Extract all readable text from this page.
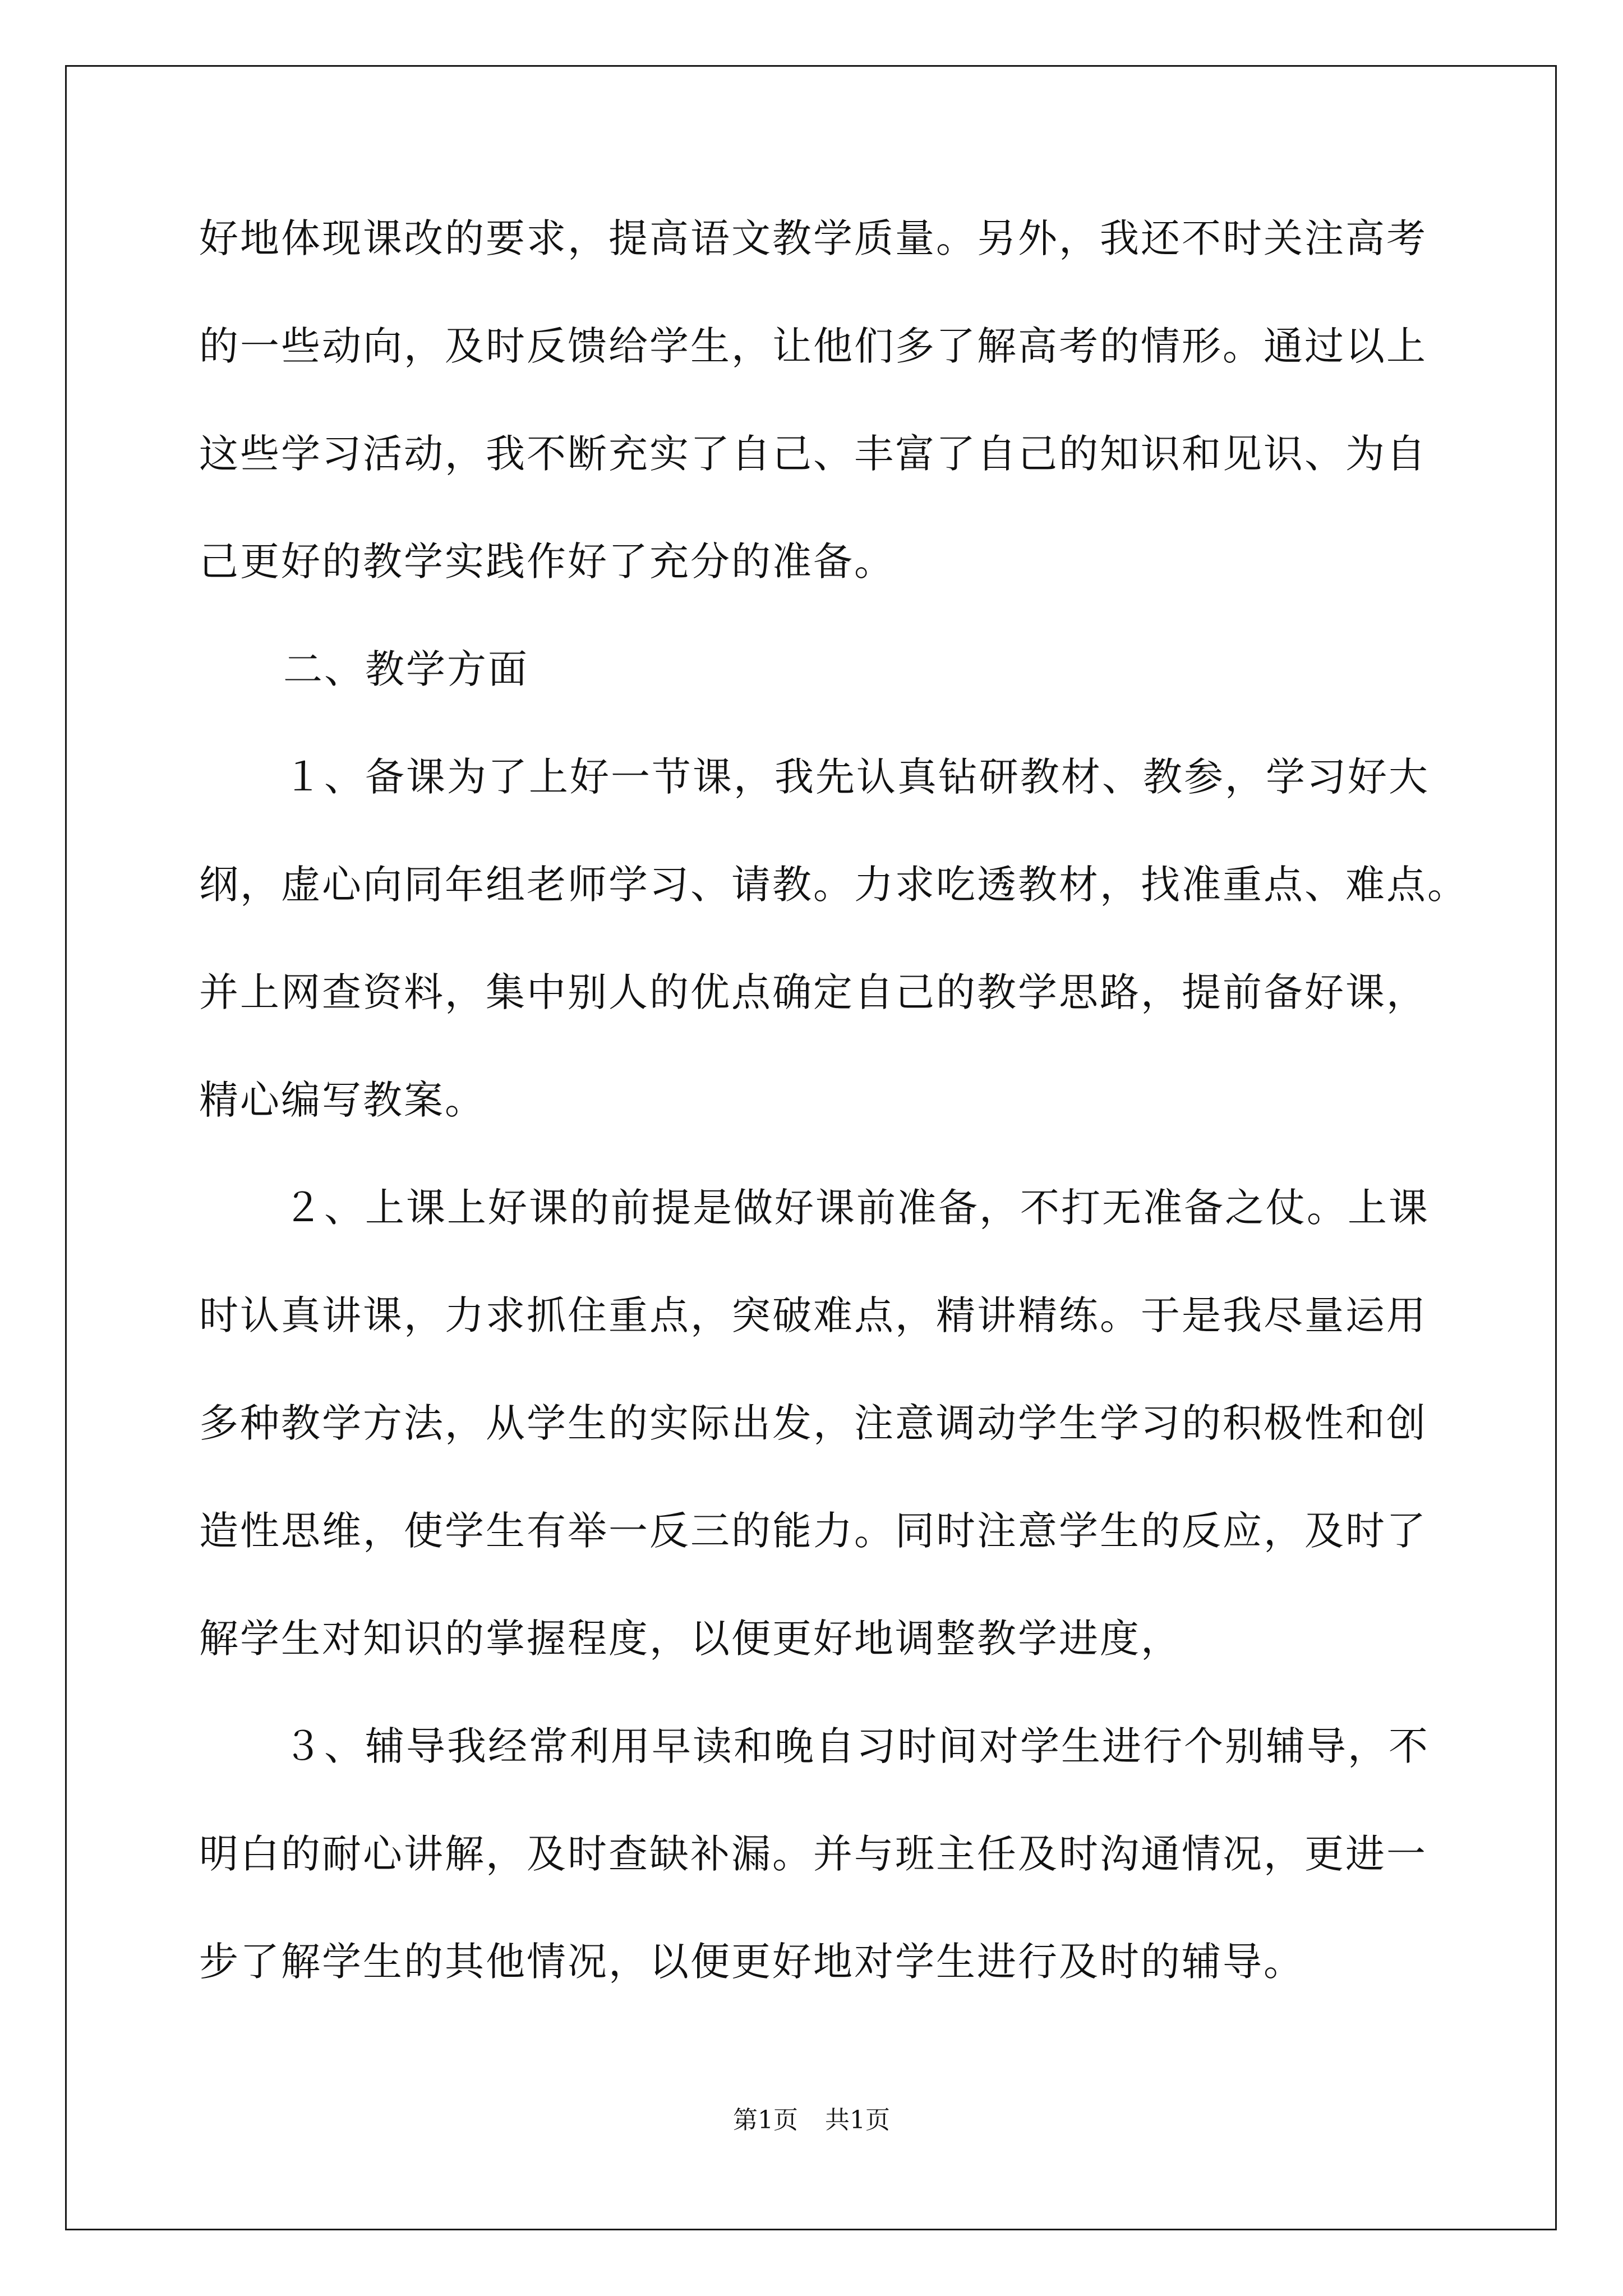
好地体现课改的要求，提高语文教学质量。另外，我还不时关注高考
的一些动向，及时反馈给学生，让他们多了解高考的情形。通过以上
这些学习活动，我不断充实了自己、丰富了自己的知识和见识、为自
己更好的教学实践作好了充分的准备。
二、教学方面
１、备课为了上好一节课，我先认真钻研教材、教参，学习好大
纲，虚心向同年组老师学习、请教。力求吃透教材，找准重点、难点。
并上网查资料，集中别人的优点确定自己的教学思路，提前备好课，
精心编写教案。
２、上课上好课的前提是做好课前准备，不打无准备之仗。上课
时认真讲课，力求抓住重点，突破难点，精讲精练。于是我尽量运用
多种教学方法，从学生的实际出发，注意调动学生学习的积极性和创
造性思维，使学生有举一反三的能力。同时注意学生的反应，及时了
解学生对知识的掌握程度，以便更好地调整教学进度，
３、辅导我经常利用早读和晚自习时间对学生进行个别辅导，不
明白的耐心讲解，及时查缺补漏。并与班主任及时沟通情况，更进一
步了解学生的其他情况，以便更好地对学生进行及时的辅导。
第1页 共1页
